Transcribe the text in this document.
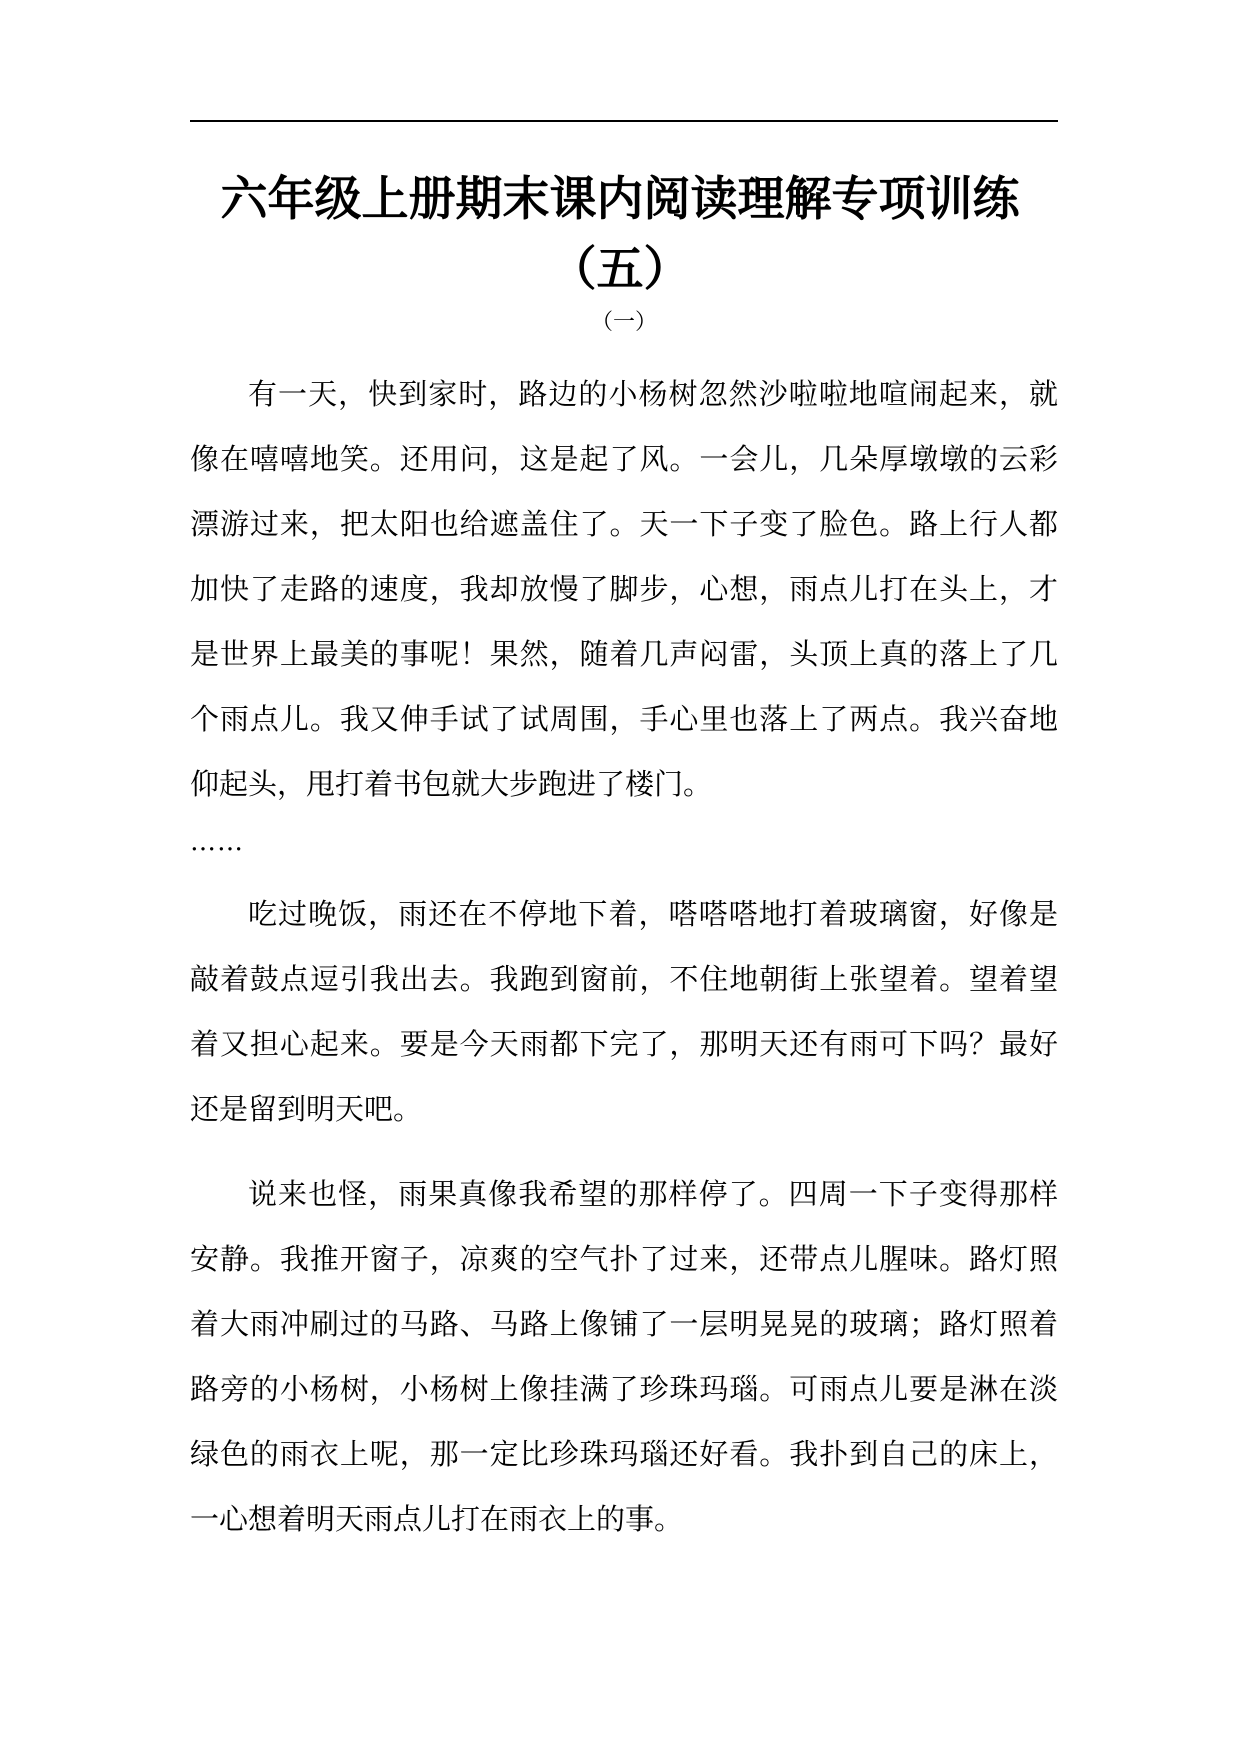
六年级上册期末课内阅读理解专项训练
（五）
（一）

有一天，快到家时，路边的小杨树忽然沙啦啦地喧闹起来，就像在嘻嘻地笑。还用问，这是起了风。一会儿，几朵厚墩墩的云彩漂游过来，把太阳也给遮盖住了。天一下子变了脸色。路上行人都加快了走路的速度，我却放慢了脚步，心想，雨点儿打在头上，才是世界上最美的事呢！果然，随着几声闷雷，头顶上真的落上了几个雨点儿。我又伸手试了试周围，手心里也落上了两点。我兴奋地仰起头，甩打着书包就大步跑进了楼门。

……

吃过晚饭，雨还在不停地下着，嗒嗒嗒地打着玻璃窗，好像是敲着鼓点逗引我出去。我跑到窗前，不住地朝街上张望着。望着望着又担心起来。要是今天雨都下完了，那明天还有雨可下吗？最好还是留到明天吧。

说来也怪，雨果真像我希望的那样停了。四周一下子变得那样安静。我推开窗子，凉爽的空气扑了过来，还带点儿腥味。路灯照着大雨冲刷过的马路、马路上像铺了一层明晃晃的玻璃；路灯照着路旁的小杨树，小杨树上像挂满了珍珠玛瑙。可雨点儿要是淋在淡绿色的雨衣上呢，那一定比珍珠玛瑙还好看。我扑到自己的床上，一心想着明天雨点儿打在雨衣上的事。
